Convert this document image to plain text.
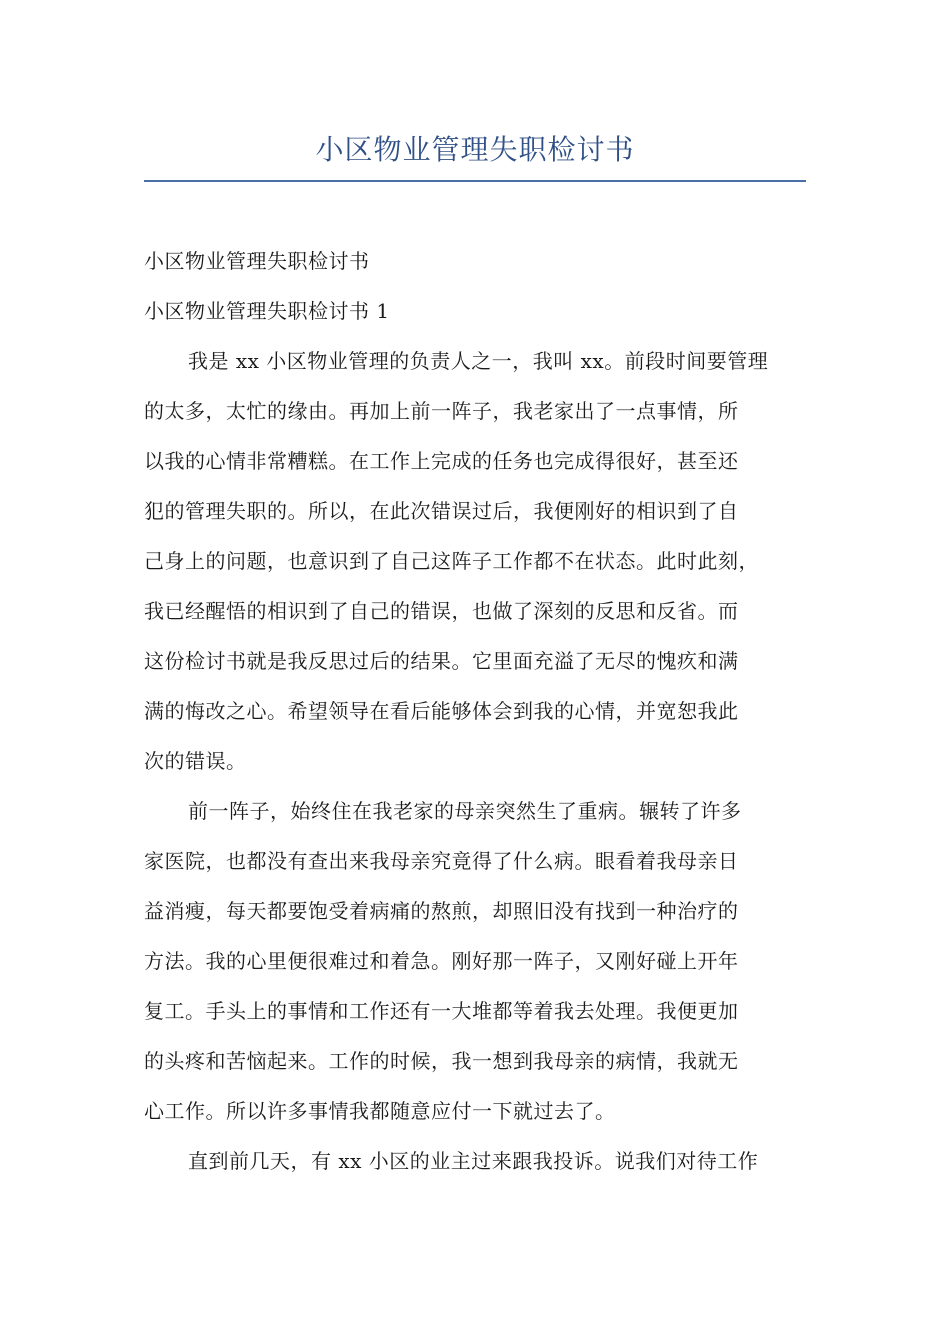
小区物业管理失职检讨书
小区物业管理失职检讨书
小区物业管理失职检讨书 1
我是 xx 小区物业管理的负责人之一，我叫 xx。前段时间要管理
的太多，太忙的缘由。再加上前一阵子，我老家出了一点事情，所
以我的心情非常糟糕。在工作上完成的任务也完成得很好，甚至还
犯的管理失职的。所以，在此次错误过后，我便刚好的相识到了自
己身上的问题，也意识到了自己这阵子工作都不在状态。此时此刻，
我已经醒悟的相识到了自己的错误，也做了深刻的反思和反省。而
这份检讨书就是我反思过后的结果。它里面充溢了无尽的愧疚和满
满的悔改之心。希望领导在看后能够体会到我的心情，并宽恕我此
次的错误。
前一阵子，始终住在我老家的母亲突然生了重病。辗转了许多
家医院，也都没有查出来我母亲究竟得了什么病。眼看着我母亲日
益消瘦，每天都要饱受着病痛的熬煎，却照旧没有找到一种治疗的
方法。我的心里便很难过和着急。刚好那一阵子，又刚好碰上开年
复工。手头上的事情和工作还有一大堆都等着我去处理。我便更加
的头疼和苦恼起来。工作的时候，我一想到我母亲的病情，我就无
心工作。所以许多事情我都随意应付一下就过去了。
直到前几天，有 xx 小区的业主过来跟我投诉。说我们对待工作
